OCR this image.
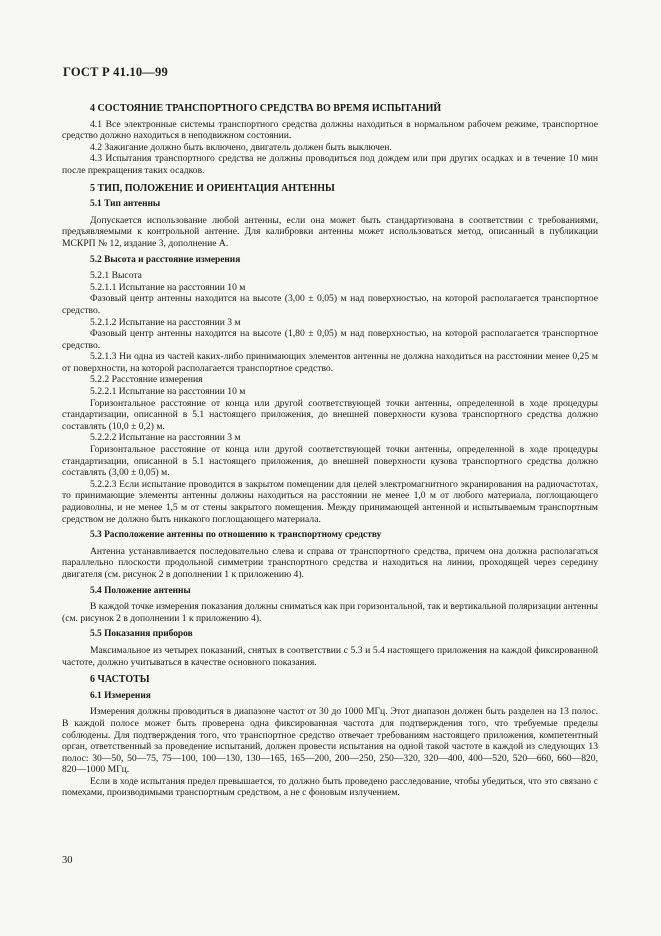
ГОСТ Р 41.10—99

4 СОСТОЯНИЕ ТРАНСПОРТНОГО СРЕДСТВА ВО ВРЕМЯ ИСПЫТАНИЙ

4.1 Все электронные системы транспортного средства должны находиться в нормальном рабочем режиме, транспортное средство должно находиться в неподвижном состоянии.

4.2 Зажигание должно быть включено, двигатель должен быть выключен.

4.3 Испытания транспортного средства не должны проводиться под дождем или при других осадках и в течение 10 мин после прекращения таких осадков.

5 ТИП, ПОЛОЖЕНИЕ И ОРИЕНТАЦИЯ АНТЕННЫ

5.1 Тип антенны

Допускается использование любой антенны, если она может быть стандартизована в соответствии с требованиями, предъявляемыми к контрольной антенне. Для калибровки антенны может использоваться метод, описанный в публикации МСКРП № 12, издание 3, дополнение А.

5.2 Высота и расстояние измерения

5.2.1 Высота

5.2.1.1 Испытание на расстоянии 10 м

Фазовый центр антенны находится на высоте (3,00 ± 0,05) м над поверхностью, на которой располагается транспортное средство.

5.2.1.2 Испытание на расстоянии 3 м

Фазовый центр антенны находится на высоте (1,80 ± 0,05) м над поверхностью, на которой располагается транспортное средство.

5.2.1.3 Ни одна из частей каких-либо принимающих элементов антенны не должна находиться на расстоянии менее 0,25 м от поверхности, на которой располагается транспортное средство.

5.2.2 Расстояние измерения

5.2.2.1 Испытание на расстоянии 10 м

Горизонтальное расстояние от конца или другой соответствующей точки антенны, определенной в ходе процедуры стандартизации, описанной в 5.1 настоящего приложения, до внешней поверхности кузова транспортного средства должно составлять (10,0 ± 0,2) м.

5.2.2.2 Испытание на расстоянии 3 м

Горизонтальное расстояние от конца или другой соответствующей точки антенны, определенной в ходе процедуры стандартизации, описанной в 5.1 настоящего приложения, до внешней поверхности кузова транспортного средства должно составлять (3,00 ± 0,05) м.

5.2.2.3 Если испытание проводится в закрытом помещении для целей электромагнитного экранирования на радиочастотах, то принимающие элементы антенны должны находиться на расстоянии не менее 1,0 м от любого материала, поглощающего радиоволны, и не менее 1,5 м от стены закрытого помещения. Между принимающей антенной и испытываемым транспортным средством не должно быть никакого поглощающего материала.

5.3 Расположение антенны по отношению к транспортному средству

Антенна устанавливается последовательно слева и справа от транспортного средства, причем она должна располагаться параллельно плоскости продольной симметрии транспортного средства и находиться на линии, проходящей через середину двигателя (см. рисунок 2 в дополнении 1 к приложению 4).

5.4 Положение антенны

В каждой точке измерения показания должны сниматься как при горизонтальной, так и вертикальной поляризации антенны (см. рисунок 2 в дополнении 1 к приложению 4).

5.5 Показания приборов

Максимальное из четырех показаний, снятых в соответствии с 5.3 и 5.4 настоящего приложения на каждой фиксированной частоте, должно учитываться в качестве основного показания.

6 ЧАСТОТЫ

6.1 Измерения

Измерения должны проводиться в диапазоне частот от 30 до 1000 МГц. Этот диапазон должен быть разделен на 13 полос. В каждой полосе может быть проверена одна фиксированная частота для подтверждения того, что требуемые пределы соблюдены. Для подтверждения того, что транспортное средство отвечает требованиям настоящего приложения, компетентный орган, ответственный за проведение испытаний, должен провести испытания на одной такой частоте в каждой из следующих 13 полос: 30—50, 50—75, 75—100, 100—130, 130—165, 165—200, 200—250, 250—320, 320—400, 400—520, 520—660, 660—820, 820—1000 МГц.

Если в ходе испытания предел превышается, то должно быть проведено расследование, чтобы убедиться, что это связано с помехами, производимыми транспортным средством, а не с фоновым излучением.

30
